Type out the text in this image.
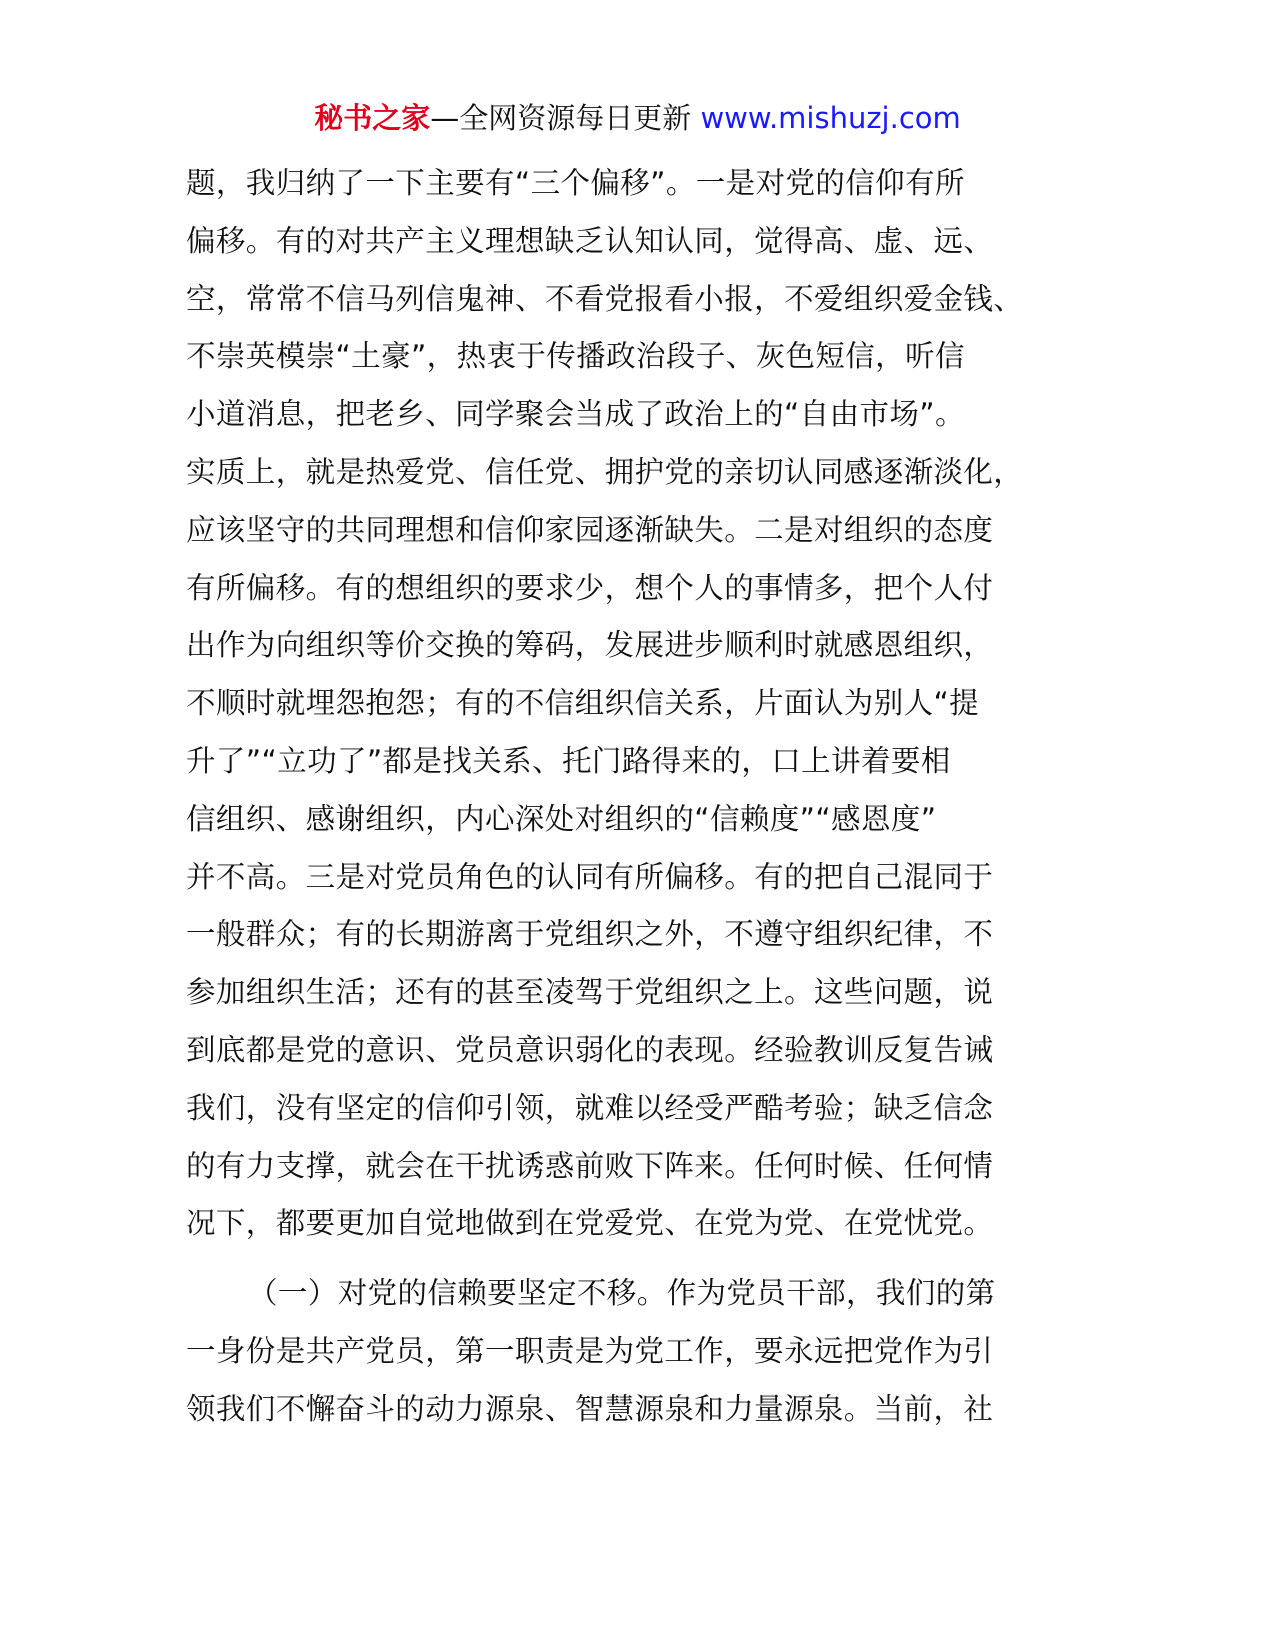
秘书之家—全网资源每日更新 www.mishuzj.com
题，我归纳了一下主要有“三个偏移”。一是对党的信仰有所
偏移。有的对共产主义理想缺乏认知认同，觉得高、虚、远、
空，常常不信马列信鬼神、不看党报看小报，不爱组织爱金钱、
不崇英模崇“土豪”，热衷于传播政治段子、灰色短信，听信
小道消息，把老乡、同学聚会当成了政治上的“自由市场”。
实质上，就是热爱党、信任党、拥护党的亲切认同感逐渐淡化，
应该坚守的共同理想和信仰家园逐渐缺失。二是对组织的态度
有所偏移。有的想组织的要求少，想个人的事情多，把个人付
出作为向组织等价交换的筹码，发展进步顺利时就感恩组织，
不顺时就埋怨抱怨；有的不信组织信关系，片面认为别人“提
升了”“立功了”都是找关系、托门路得来的，口上讲着要相
信组织、感谢组织，内心深处对组织的“信赖度”“感恩度”
并不高。三是对党员角色的认同有所偏移。有的把自己混同于
一般群众；有的长期游离于党组织之外，不遵守组织纪律，不
参加组织生活；还有的甚至凌驾于党组织之上。这些问题，说
到底都是党的意识、党员意识弱化的表现。经验教训反复告诫
我们，没有坚定的信仰引领，就难以经受严酷考验；缺乏信念
的有力支撑，就会在干扰诱惑前败下阵来。任何时候、任何情
况下，都要更加自觉地做到在党爱党、在党为党、在党忧党。
（一）对党的信赖要坚定不移。作为党员干部，我们的第
一身份是共产党员，第一职责是为党工作，要永远把党作为引
领我们不懈奋斗的动力源泉、智慧源泉和力量源泉。当前，社
